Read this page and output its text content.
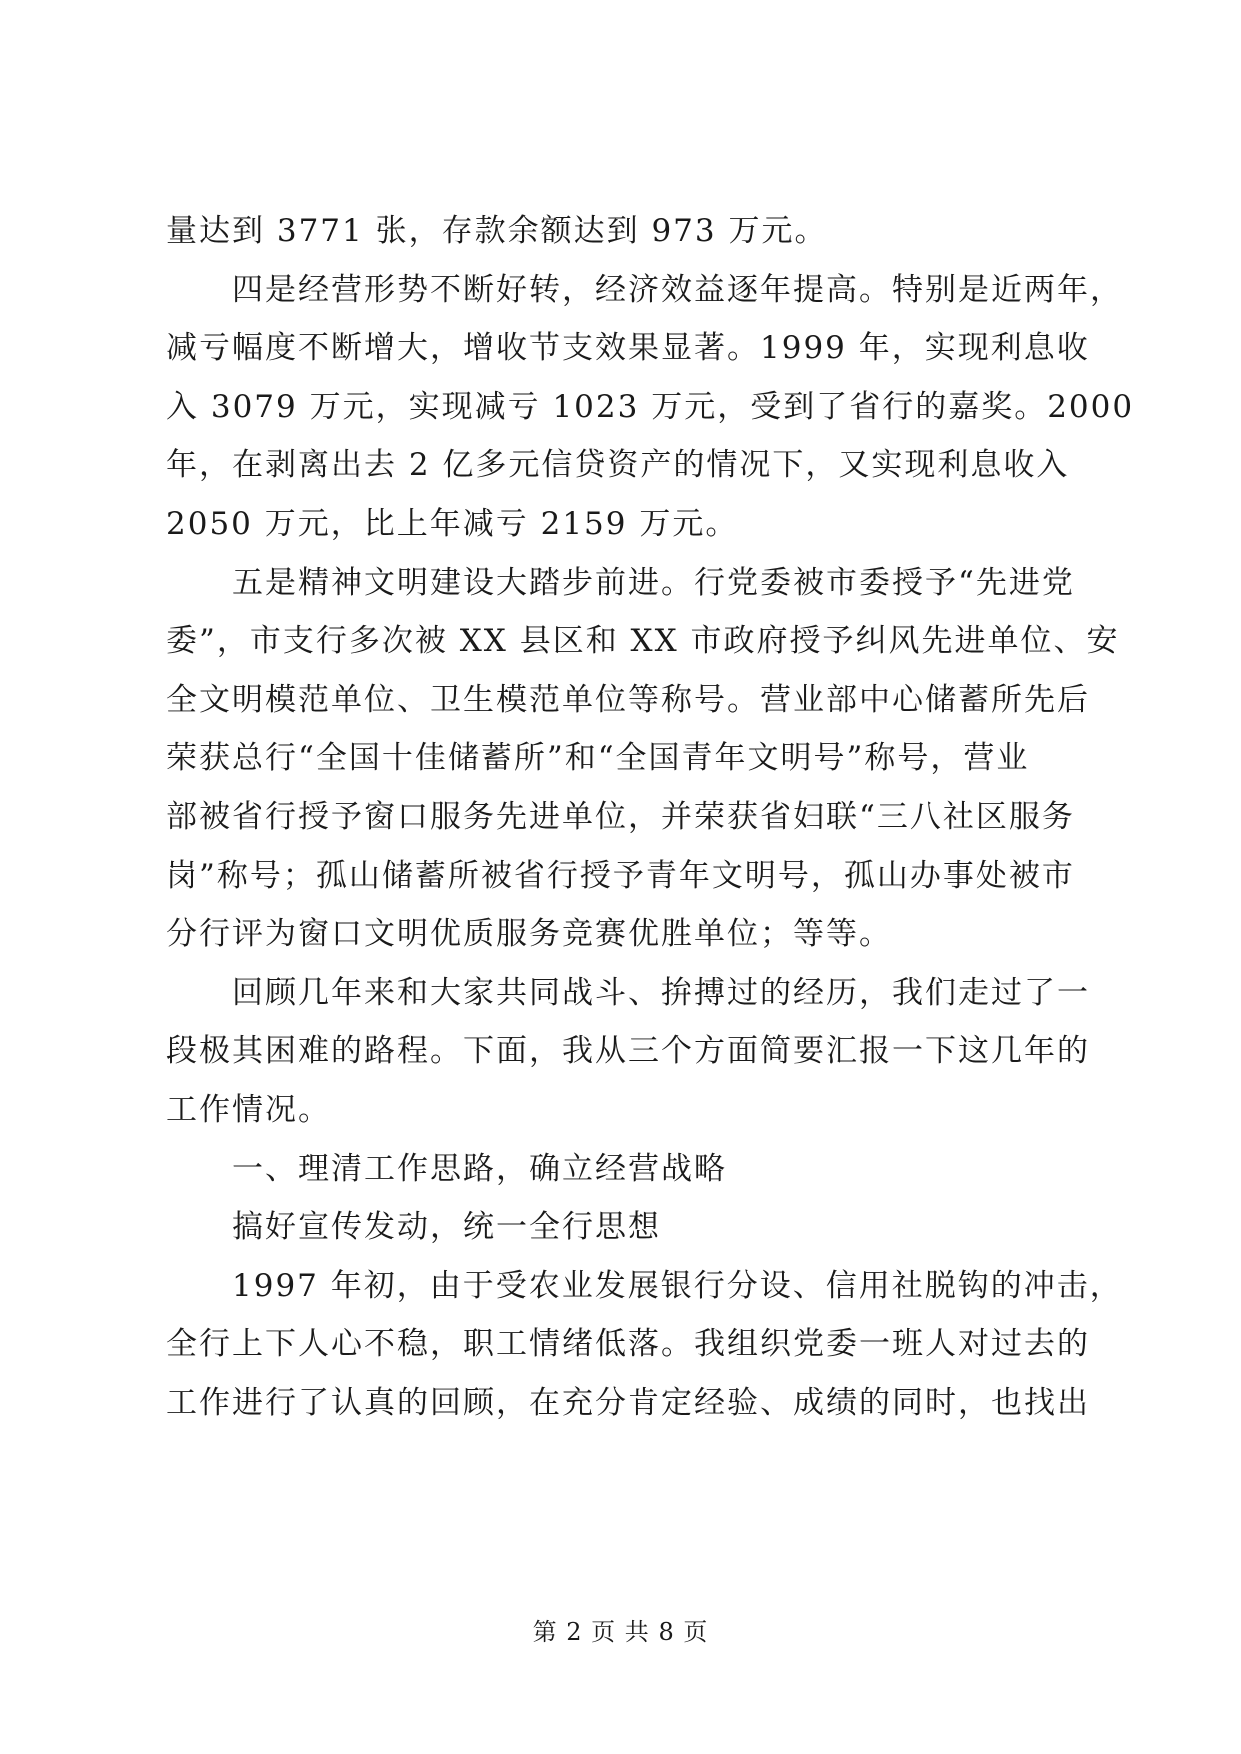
量达到 3771 张，存款余额达到 973 万元。

四是经营形势不断好转，经济效益逐年提高。特别是近两年，
减亏幅度不断增大，增收节支效果显著。1999 年，实现利息收
入 3079 万元，实现减亏 1023 万元，受到了省行的嘉奖。2000
年，在剥离出去 2 亿多元信贷资产的情况下，又实现利息收入
2050 万元，比上年减亏 2159 万元。

五是精神文明建设大踏步前进。行党委被市委授予“先进党
委”，市支行多次被 XX 县区和 XX 市政府授予纠风先进单位、安
全文明模范单位、卫生模范单位等称号。营业部中心储蓄所先后
荣获总行“全国十佳储蓄所”和“全国青年文明号”称号，营业
部被省行授予窗口服务先进单位，并荣获省妇联“三八社区服务
岗”称号；孤山储蓄所被省行授予青年文明号，孤山办事处被市
分行评为窗口文明优质服务竞赛优胜单位；等等。

回顾几年来和大家共同战斗、拚搏过的经历，我们走过了一
段极其困难的路程。下面，我从三个方面简要汇报一下这几年的
工作情况。

一、理清工作思路，确立经营战略

搞好宣传发动，统一全行思想

1997 年初，由于受农业发展银行分设、信用社脱钩的冲击，
全行上下人心不稳，职工情绪低落。我组织党委一班人对过去的
工作进行了认真的回顾，在充分肯定经验、成绩的同时，也找出

第 2 页 共 8 页
